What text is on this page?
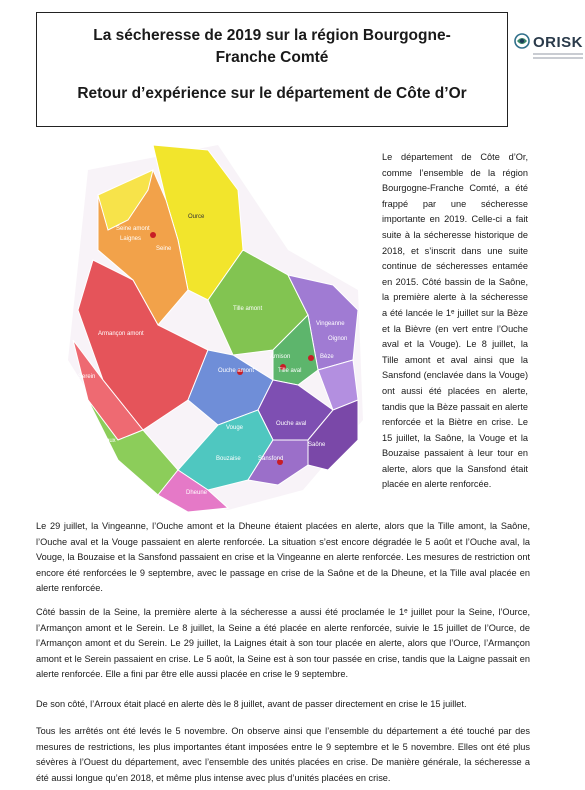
La sécheresse de 2019 sur la région Bourgogne-
Franche Comté
Retour d’expérience sur le département de Côte d’Or
ORISK
Ource
Seine amont
Laignes
Seine
Tille amont
Vingeanne
Oignon
Bèze
Armançon amont
Arnison
Tille aval
Serein
Ouche amont
Vouge
Ouche aval
Saône
Arroux
Bouzaise	Sansfond
Dheune

Le département de Côte d’Or, comme l’ensemble de la région Bourgogne-Franche Comté, a été frappé par une sécheresse importante en 2019. Celle-ci a fait suite à la sécheresse historique de 2018, et s’inscrit dans une suite continue de sécheresses entamée en 2015. Côté bassin de la Saône, la première alerte à la sécheresse a été lancée le 1ᵉ juillet sur la Bèze et la Bièvre (en vert entre l’Ouche aval et la Vouge). Le 8 juillet, la Tille amont et aval ainsi que la Sansfond (enclavée dans la Vouge) ont aussi été placées en alerte, tandis que la Bèze passait en alerte renforcée et la Biètre en crise. Le 15 juillet, la Saône, la Vouge et la Bouzaise passaient à leur tour en alerte, alors que la Sansfond était placée en alerte renforcée.

Le 29 juillet, la Vingeanne, l’Ouche amont et la Dheune étaient placées en alerte, alors que la Tille amont, la Saône, l’Ouche aval et la Vouge passaient en alerte renforcée. La situation s’est encore dégradée le 5 août et l’Ouche aval, la Vouge, la Bouzaise et la Sansfond passaient en crise et la Vingeanne en alerte renforcée. Les mesures de restriction ont encore été renforcées le 9 septembre, avec le passage en crise de la Saône et de la Dheune, et la Tille aval placée en alerte renforcée.

Côté bassin de la Seine, la première alerte à la sécheresse a aussi été proclamée le 1ᵉ juillet pour la Seine, l’Ource, l’Armançon amont et le Serein. Le 8 juillet, la Seine a été placée en alerte renforcée, suivie le 15 juillet de l’Ource, de l’Armançon amont et du Serein. Le 29 juillet, la Laignes était à son tour placée en alerte, alors que l’Ource, l’Armançon amont et le Serein passaient en crise. Le 5 août, la Seine est à son tour passée en crise, tandis que la Laigne passait en alerte renforcée. Elle a fini par être elle aussi placée en crise le 9 septembre.

De son côté, l’Arroux était placé en alerte dès le 8 juillet, avant de passer directement en crise le 15 juillet.

Tous les arrêtés ont été levés le 5 novembre. On observe ainsi que l’ensemble du département a été touché par des mesures de restrictions, les plus importantes étant imposées entre le 9 septembre et le 5 novembre. Elles ont été plus sévères à l’Ouest du département, avec l’ensemble des unités placées en crise. De manière générale, la sécheresse a été aussi longue qu’en 2018, et même plus intense avec plus d’unités placées en crise.
